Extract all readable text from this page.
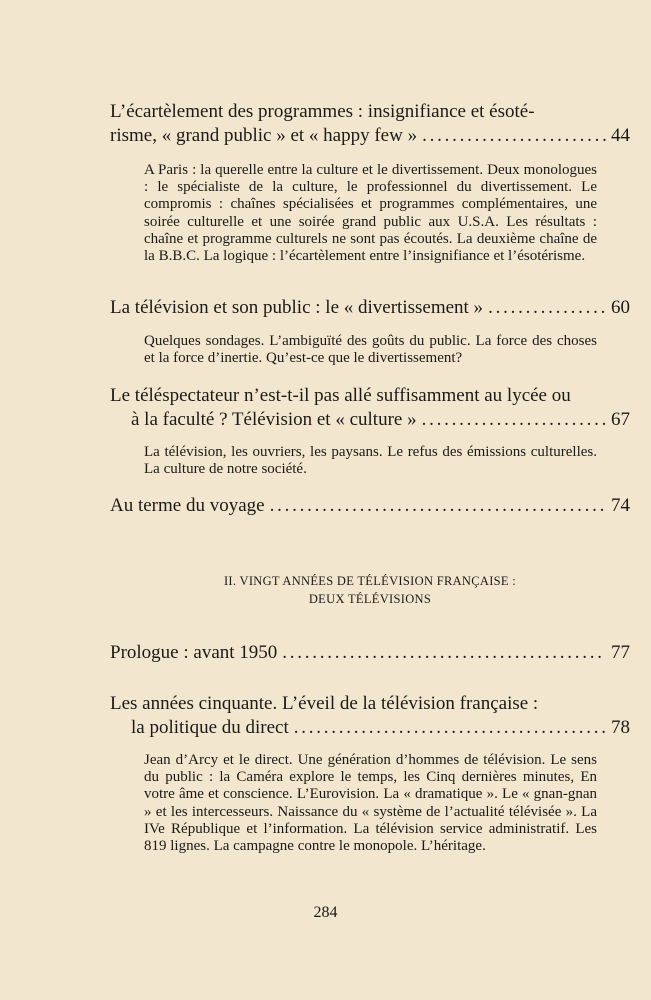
L’écartèlement des programmes : insignifiance et ésoté-
risme, « grand public » et « happy few » . . .	44
A Paris : la querelle entre la culture et le divertissement. Deux monologues : le spécialiste de la culture, le professionnel du divertissement. Le compromis : chaînes spécialisées et programmes complémentaires, une soirée culturelle et une soirée grand public aux U.S.A. Les résultats : chaîne et programme culturels ne sont pas écoutés. La deuxième chaîne de la B.B.C. La logique : l’écartèlement entre l’insignifiance et l’ésotérisme.
La télévision et son public : le « divertissement » . . .	60
Quelques sondages. L’ambiguïté des goûts du public. La force des choses et la force d’inertie. Qu’est-ce que le divertissement?
Le téléspectateur n’est-t-il pas allé suffisamment au lycée ou
à la faculté ? Télévision et « culture » . . .	67
La télévision, les ouvriers, les paysans. Le refus des émissions culturelles. La culture de notre société.
Au terme du voyage . . .	74
II. VINGT ANNÉES DE TÉLÉVISION FRANÇAISE :
DEUX TÉLÉVISIONS
Prologue : avant 1950 . . .	77
Les années cinquante. L’éveil de la télévision française :
la politique du direct . . .	78
Jean d’Arcy et le direct. Une génération d’hommes de télévision. Le sens du public : la Caméra explore le temps, les Cinq dernières minutes, En votre âme et conscience. L’Eurovision. La « dramatique ». Le « gnan-gnan » et les intercesseurs. Naissance du « système de l’actualité télévisée ». La IVe République et l’information. La télévision service administratif. Les 819 lignes. La campagne contre le monopole. L’héritage.
284
